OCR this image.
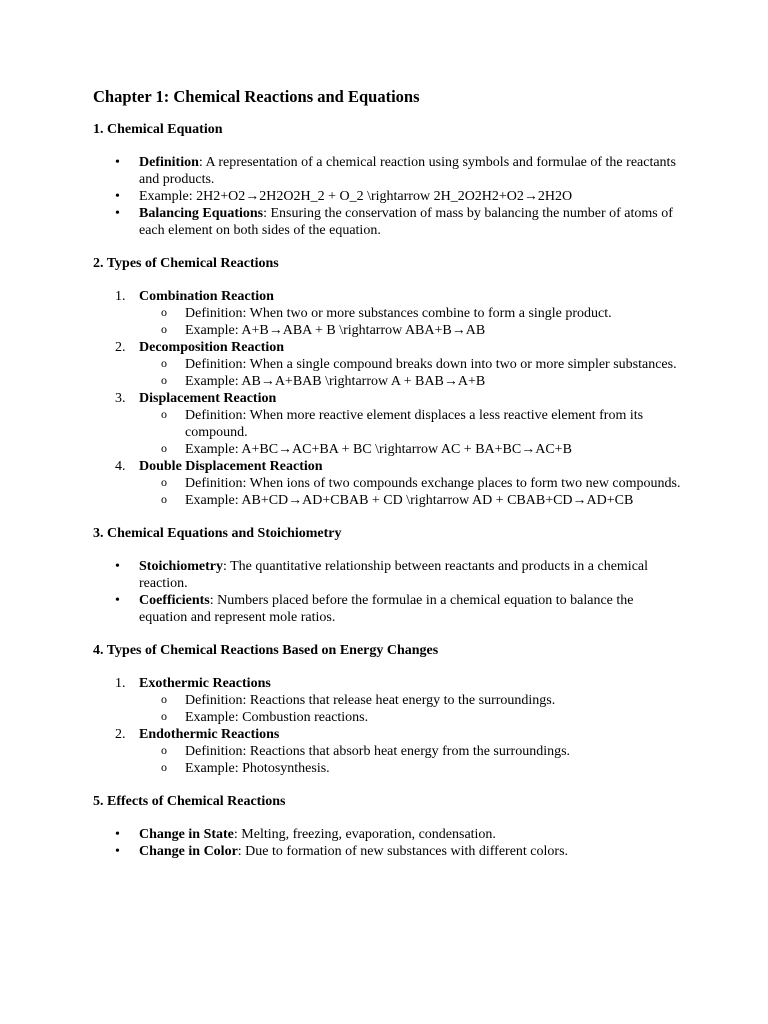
Chapter 1: Chemical Reactions and Equations
1. Chemical Equation
• Definition: A representation of a chemical reaction using symbols and formulae of the reactants and products.
• Example: 2H2+O2→2H2O2H_2 + O_2 \rightarrow 2H_2O2H2+O2→2H2O
• Balancing Equations: Ensuring the conservation of mass by balancing the number of atoms of each element on both sides of the equation.
2. Types of Chemical Reactions
1. Combination Reaction
o Definition: When two or more substances combine to form a single product.
o Example: A+B→ABA + B \rightarrow ABA+B→AB
2. Decomposition Reaction
o Definition: When a single compound breaks down into two or more simpler substances.
o Example: AB→A+BAB \rightarrow A + BAB→A+B
3. Displacement Reaction
o Definition: When more reactive element displaces a less reactive element from its compound.
o Example: A+BC→AC+BA + BC \rightarrow AC + BA+BC→AC+B
4. Double Displacement Reaction
o Definition: When ions of two compounds exchange places to form two new compounds.
o Example: AB+CD→AD+CBAB + CD \rightarrow AD + CBAB+CD→AD+CB
3. Chemical Equations and Stoichiometry
• Stoichiometry: The quantitative relationship between reactants and products in a chemical reaction.
• Coefficients: Numbers placed before the formulae in a chemical equation to balance the equation and represent mole ratios.
4. Types of Chemical Reactions Based on Energy Changes
1. Exothermic Reactions
o Definition: Reactions that release heat energy to the surroundings.
o Example: Combustion reactions.
2. Endothermic Reactions
o Definition: Reactions that absorb heat energy from the surroundings.
o Example: Photosynthesis.
5. Effects of Chemical Reactions
• Change in State: Melting, freezing, evaporation, condensation.
• Change in Color: Due to formation of new substances with different colors.
